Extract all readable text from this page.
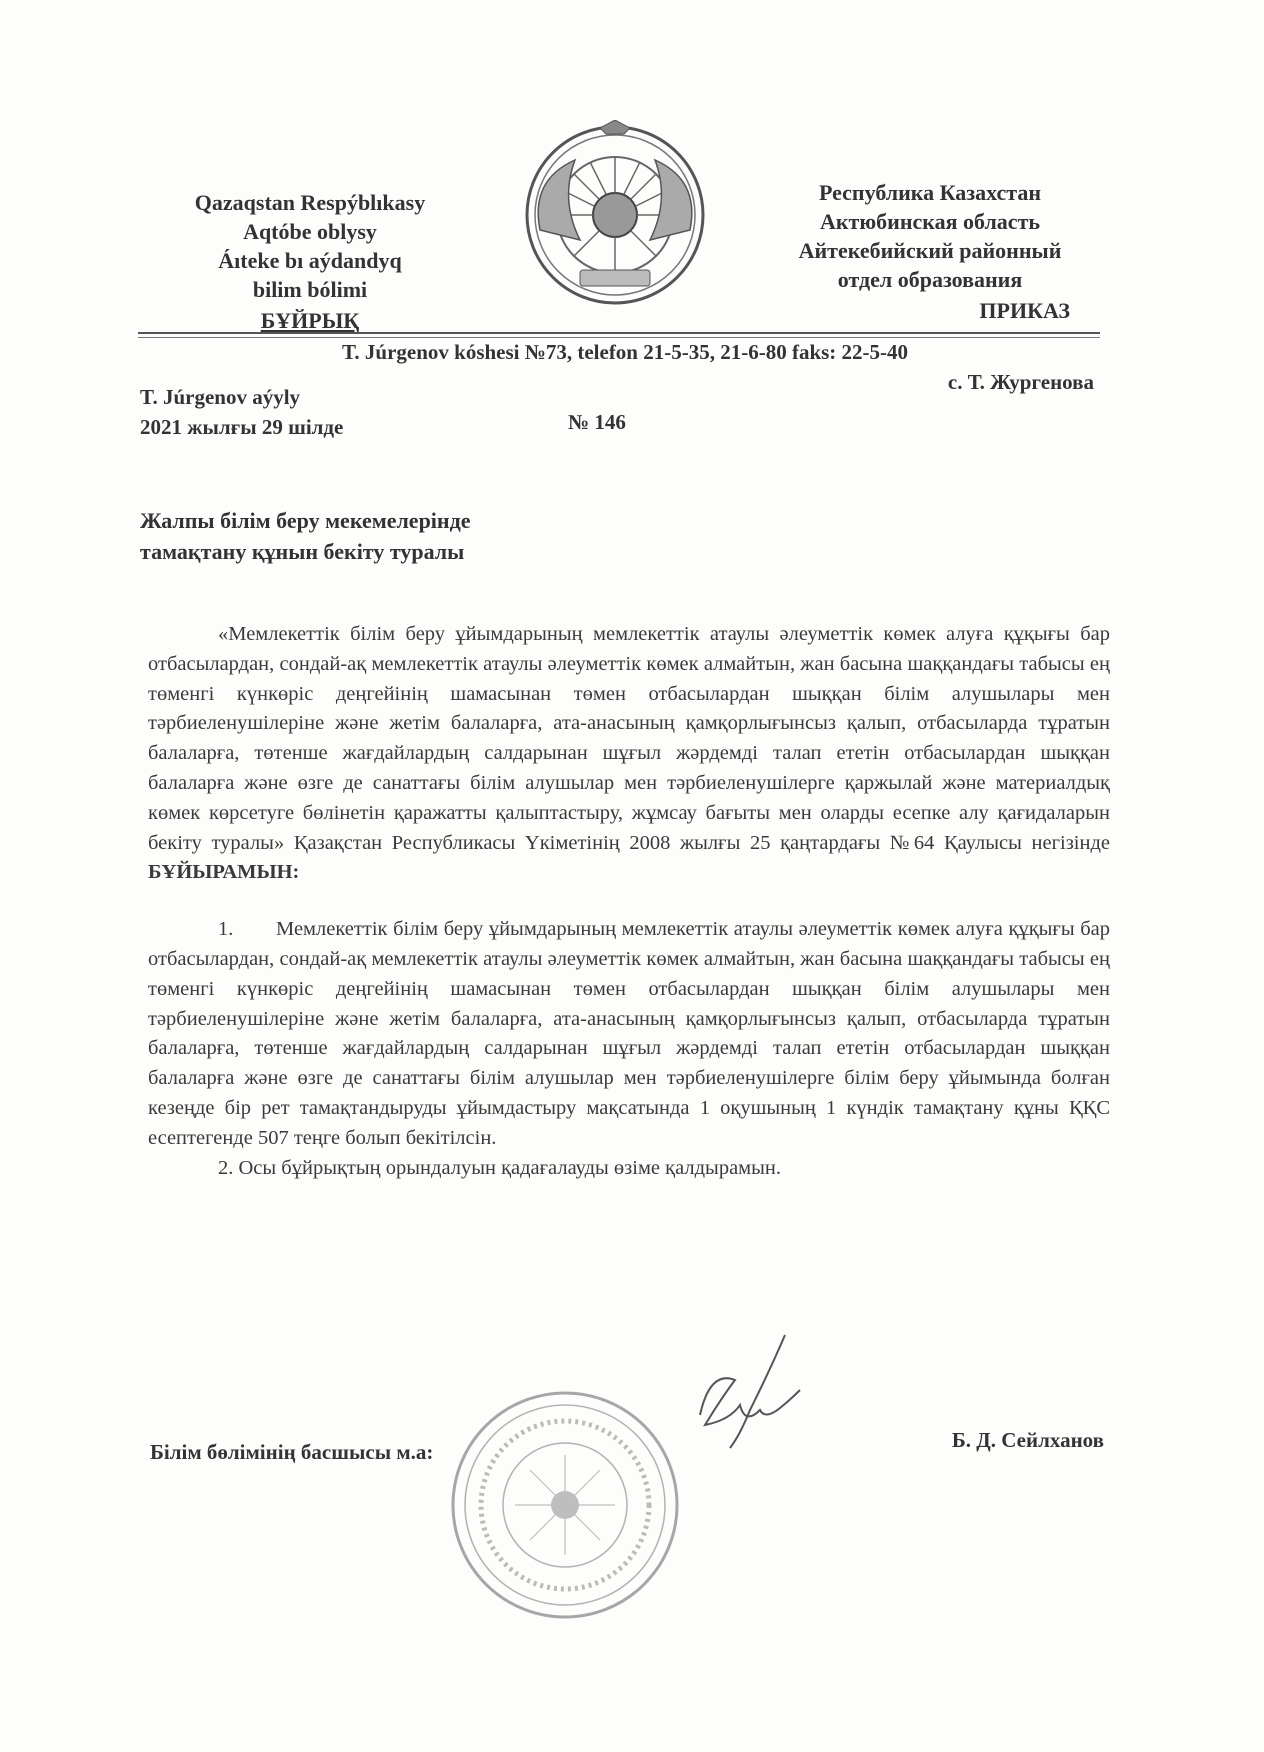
Qazaqstan Respýblıkasy
Aqtóbe oblysy
Áıteke bı aýdandyq
bilim bólimi
БҰЙРЫҚ
Республика Казахстан
Актюбинская область
Айтекебийский районный
отдел образования
ПРИКАЗ
T. Júrgenov kóshesi №73, telefon 21-5-35, 21-6-80 faks: 22-5-40
T. Júrgenov aýyly
2021 жылғы 29 шілде
с. Т. Жургенова
№ 146
Жалпы білім беру мекемелерінде
тамақтану құнын бекіту туралы

«Мемлекеттік білім беру ұйымдарының мемлекеттік атаулы әлеуметтік көмек алуға құқығы бар отбасылардан, сондай-ақ мемлекеттік атаулы әлеуметтік көмек алмайтын, жан басына шаққандағы табысы ең төменгі күнкөріс деңгейінің шамасынан төмен отбасылардан шыққан білім алушылары мен тәрбиеленушілеріне және жетім балаларға, ата-анасының қамқорлығынсыз қалып, отбасыларда тұратын балаларға, төтенше жағдайлардың салдарынан шұғыл жәрдемді талап ететін отбасылардан шыққан балаларға және өзге де санаттағы білім алушылар мен тәрбиеленушілерге қаржылай және материалдық көмек көрсетуге бөлінетін қаражатты қалыптастыру, жұмсау бағыты мен оларды есепке алу қағидаларын бекіту туралы» Қазақстан Республикасы Үкіметінің 2008 жылғы 25 қаңтардағы №64 Қаулысы негізінде БҰЙЫРАМЫН:

1. Мемлекеттік білім беру ұйымдарының мемлекеттік атаулы әлеуметтік көмек алуға құқығы бар отбасылардан, сондай-ақ мемлекеттік атаулы әлеуметтік көмек алмайтын, жан басына шаққандағы табысы ең төменгі күнкөріс деңгейінің шамасынан төмен отбасылардан шыққан білім алушылары мен тәрбиеленушілеріне және жетім балаларға, ата-анасының қамқорлығынсыз қалып, отбасыларда тұратын балаларға, төтенше жағдайлардың салдарынан шұғыл жәрдемді талап ететін отбасылардан шыққан балаларға және өзге де санаттағы білім алушылар мен тәрбиеленушілерге білім беру ұйымында болған кезеңде бір рет тамақтандыруды ұйымдастыру мақсатында 1 оқушының 1 күндік тамақтану құны ҚҚС есептегенде 507 теңге болып бекітілсін.

2. Осы бұйрықтың орындалуын қадағалауды өзіме қалдырамын.

Білім бөлімінің басшысы м.а:	Б. Д. Сейлханов
